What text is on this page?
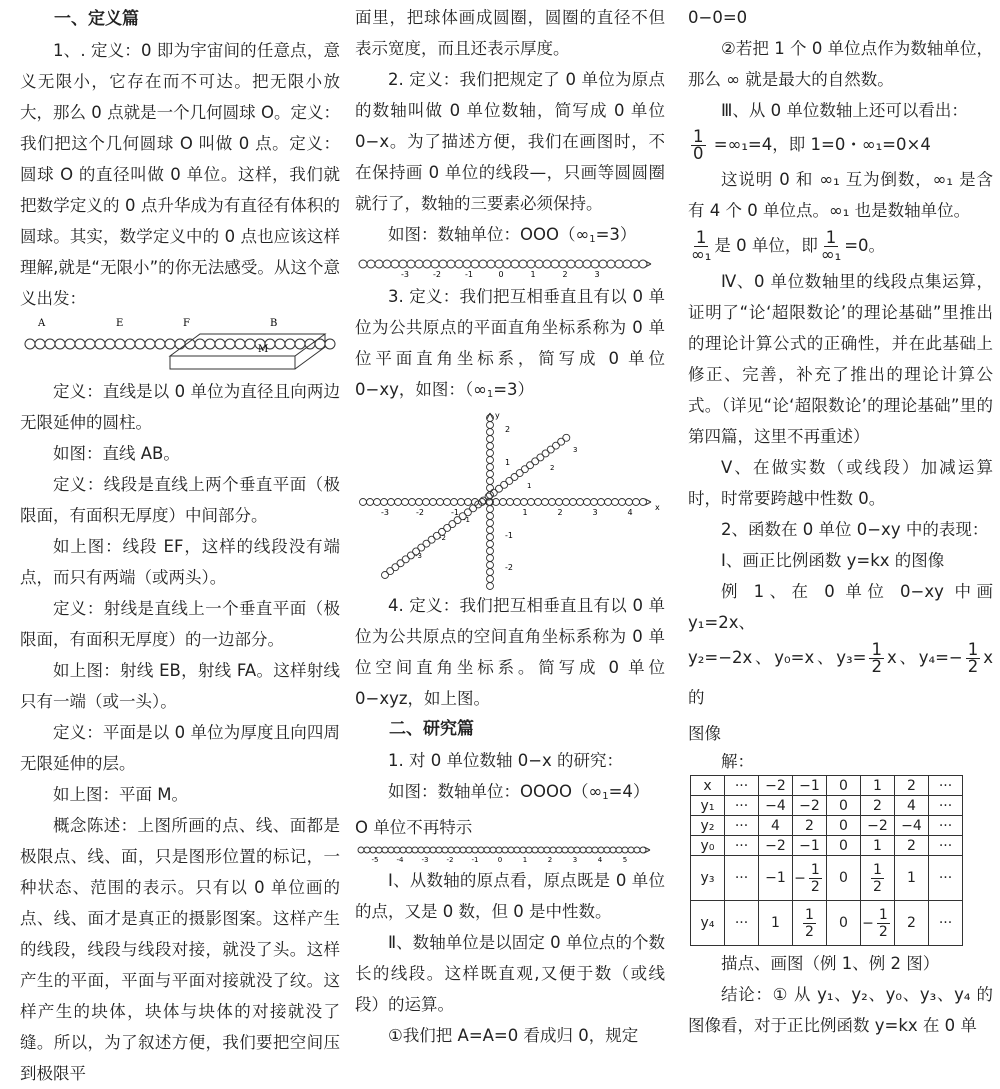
一、定义篇

1、. 定义：0 即为宇宙间的任意点，意义无限小，它存在而不可达。把无限小放大，那么 0 点就是一个几何圆球 O。定义：我们把这个几何圆球 O 叫做 0 点。定义：圆球 O 的直径叫做 0 单位。这样，我们就把数学定义的 0 点升华成为有直径有体积的圆球。其实，数学定义中的 0 点也应该这样理解,就是“无限小”的你无法感受。从这个意义出发：

A	E	F	B
M

定义：直线是以 0 单位为直径且向两边无限延伸的圆柱。

如图：直线 AB。

定义：线段是直线上两个垂直平面（极限面，有面积无厚度）中间部分。

如上图：线段 EF，这样的线段没有端点，而只有两端（或两头）。

定义：射线是直线上一个垂直平面（极限面，有面积无厚度）的一边部分。

如上图：射线 EB，射线 FA。这样射线只有一端（或一头）。

定义：平面是以 0 单位为厚度且向四周无限延伸的层。

如上图：平面 M。

概念陈述：上图所画的点、线、面都是极限点、线、面，只是图形位置的标记，一种状态、范围的表示。只有以 0 单位画的点、线、面才是真正的摄影图案。这样产生的线段，线段与线段对接，就没了头。这样产生的平面，平面与平面对接就没了纹。这样产生的块体，块体与块体的对接就没了缝。所以，为了叙述方便，我们要把空间压到极限平

面里，把球体画成圆圈，圆圈的直径不但表示宽度，而且还表示厚度。

2. 定义：我们把规定了 0 单位为原点的数轴叫做 0 单位数轴，简写成 0 单位 0−x。为了描述方便，我们在画图时，不在保持画 0 单位的线段—，只画等圆圆圈就行了，数轴的三要素必须保持。

如图：数轴单位：$OOO(\infty_1=3)$

-3	-2	-1	0	1	2	3

3. 定义：我们把互相垂直且有以 0 单位为公共原点的平面直角坐标系称为 0 单位平面直角坐标系，简写成 0 单位 0−xy，如图：$(\infty_1=3)$

x
y
-3	-2	-1	1	2	3	4
2
1
-1
-2
1
2
3
-1
-2
-3

4. 定义：我们把互相垂直且有以 0 单位为公共原点的空间直角坐标系称为 0 单位空间直角坐标系。简写成 0 单位 0−xyz，如上图。

二、研究篇

1. 对 0 单位数轴 0−x 的研究：

如图：数轴单位：$OOOO(\infty_1=4)$

O 单位不再特示

-5	-4	-3	-2	-1	0	1	2	3	4	5

Ⅰ、从数轴的原点看，原点既是 0 单位的点，又是 0 数，但 0 是中性数。

Ⅱ、数轴单位是以固定 0 单位点的个数长的线段。这样既直观,又便于数（或线段）的运算。

①我们把 A=A=0 看成归 0，规定

0−0=0

②若把 1 个 0 单位点作为数轴单位，那么 ∞ 就是最大的自然数。

Ⅲ、从 0 单位数轴上还可以看出：

$\frac{1}{0} =\infty_1=4$，即 1=0・∞₁=0×4

这说明 0 和 ∞₁ 互为倒数，∞₁ 是含有 4 个 0 单位点。∞₁ 也是数轴单位。

$\frac{1}{\text{∞₁}}$ 是 0 单位，即 $\frac{1}{\text{∞₁}} =0$。

Ⅳ、0 单位数轴里的线段点集运算，证明了“论‘超限数论’的理论基础”里推出的理论计算公式的正确性，并在此基础上修正、完善，补充了推出的理论计算公式。（详见“论‘超限数论’的理论基础”里的第四篇，这里不再重述）

Ⅴ、在做实数（或线段）加减运算时，时常要跨越中性数 0。

2、函数在 0 单位 0−xy 中的表现：

Ⅰ、画正比例函数 y=kx 的图像

例 1、在 0 单位 0−xy 中画 y₁=2x、

y₂=−2x、y₀=x、$y_3= \frac{1}{2}$ x、$y_4=- \frac{1}{2}$ x 的

图像

解：

x	···	−2	−1	0	1	2	···
y₁	···	−4	−2	0	2	4	···
y₂	···	4	2	0	−2	−4	···
y₀	···	−2	−1	0	1	2	···
y₃	···	−1	− $\frac{1}{2}$	0	$\frac{1}{2}$	1	···
y₄	···	1	$\frac{1}{2}$	0	− $\frac{1}{2}$	2	···

描点、画图（例 1、例 2 图）

结论：① 从 y₁、y₂、y₀、y₃、y₄ 的图像看，对于正比例函数 y=kx 在 0 单
